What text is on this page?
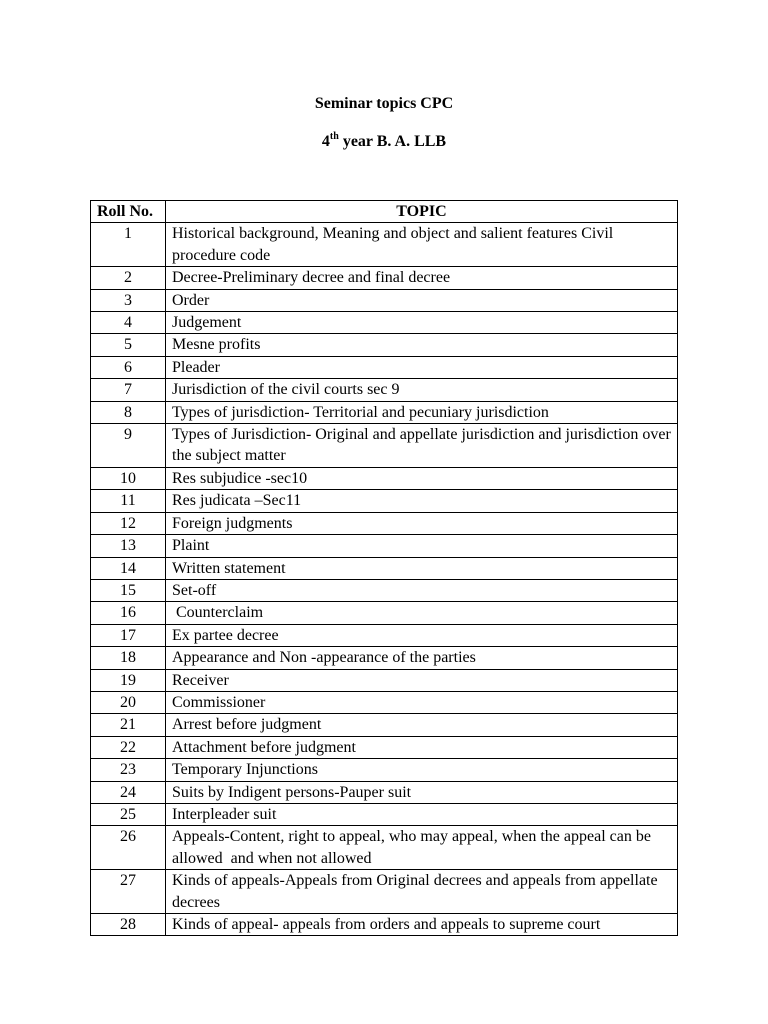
Seminar topics CPC
4th year B. A. LLB
Roll No.	TOPIC
1	Historical background, Meaning and object and salient features Civil procedure code
2	Decree-Preliminary decree and final decree
3	Order
4	Judgement
5	Mesne profits
6	Pleader
7	Jurisdiction of the civil courts sec 9
8	Types of jurisdiction- Territorial and pecuniary jurisdiction
9	Types of Jurisdiction- Original and appellate jurisdiction and jurisdiction over the subject matter
10	Res subjudice -sec10
11	Res judicata –Sec11
12	Foreign judgments
13	Plaint
14	Written statement
15	Set-off
16	Counterclaim
17	Ex partee decree
18	Appearance and Non -appearance of the parties
19	Receiver
20	Commissioner
21	Arrest before judgment
22	Attachment before judgment
23	Temporary Injunctions
24	Suits by Indigent persons-Pauper suit
25	Interpleader suit
26	Appeals-Content, right to appeal, who may appeal, when the appeal can be allowed  and when not allowed
27	Kinds of appeals-Appeals from Original decrees and appeals from appellate decrees
28	Kinds of appeal- appeals from orders and appeals to supreme court
